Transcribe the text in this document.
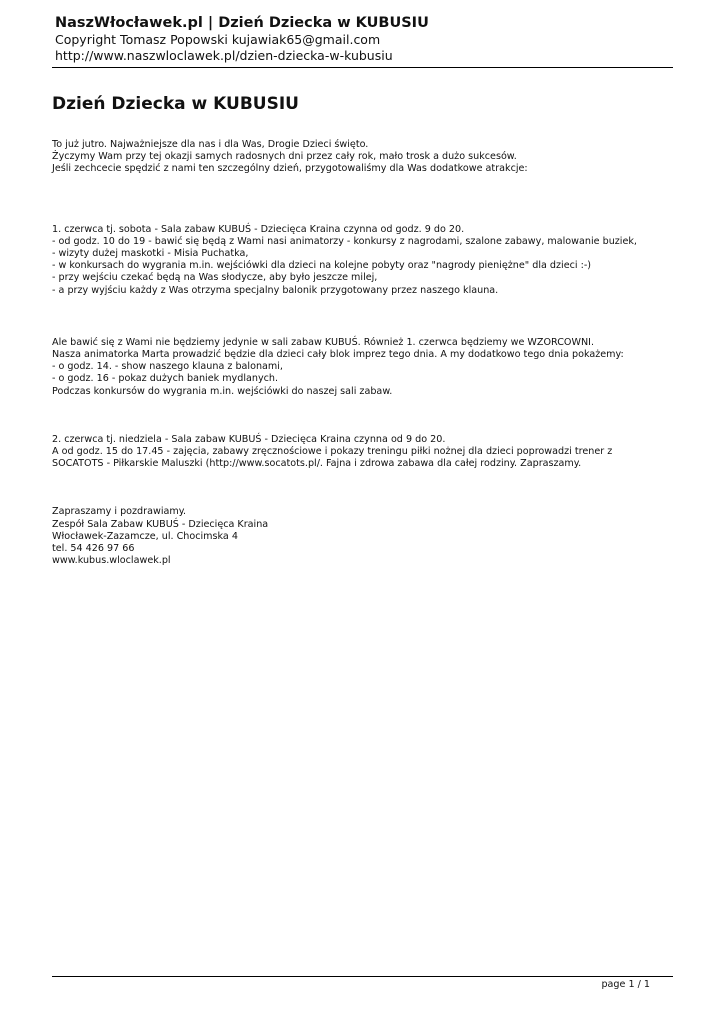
NaszWłocławek.pl | Dzień Dziecka w KUBUSIU
Copyright Tomasz Popowski kujawiak65@gmail.com
http://www.naszwloclawek.pl/dzien-dziecka-w-kubusiu
Dzień Dziecka w KUBUSIU

To już jutro. Najważniejsze dla nas i dla Was, Drogie Dzieci święto.
Życzymy Wam przy tej okazji samych radosnych dni przez cały rok, mało trosk a dużo sukcesów.
Jeśli zechcecie spędzić z nami ten szczególny dzień, przygotowaliśmy dla Was dodatkowe atrakcje:

1. czerwca tj. sobota - Sala zabaw KUBUŚ - Dziecięca Kraina czynna od godz. 9 do 20.
- od godz. 10 do 19 - bawić się będą z Wami nasi animatorzy - konkursy z nagrodami, szalone zabawy, malowanie buziek,
- wizyty dużej maskotki - Misia Puchatka,
- w konkursach do wygrania m.in. wejściówki dla dzieci na kolejne pobyty oraz "nagrody pieniężne" dla dzieci :-)
- przy wejściu czekać będą na Was słodycze, aby było jeszcze milej,
- a przy wyjściu każdy z Was otrzyma specjalny balonik przygotowany przez naszego klauna.

Ale bawić się z Wami nie będziemy jedynie w sali zabaw KUBUŚ. Również 1. czerwca będziemy we WZORCOWNI.
Nasza animatorka Marta prowadzić będzie dla dzieci cały blok imprez tego dnia. A my dodatkowo tego dnia pokażemy:
- o godz. 14. - show naszego klauna z balonami,
- o godz. 16 - pokaz dużych baniek mydlanych.
Podczas konkursów do wygrania m.in. wejściówki do naszej sali zabaw.

2. czerwca tj. niedziela - Sala zabaw KUBUŚ - Dziecięca Kraina czynna od 9 do 20.
A od godz. 15 do 17.45 - zajęcia, zabawy zręcznościowe i pokazy treningu piłki nożnej dla dzieci poprowadzi trener z
SOCATOTS - Piłkarskie Maluszki (http://www.socatots.pl/. Fajna i zdrowa zabawa dla całej rodziny. Zapraszamy.

Zapraszamy i pozdrawiamy.
Zespół Sala Zabaw KUBUŚ - Dziecięca Kraina
Włocławek-Zazamcze, ul. Chocimska 4
tel. 54 426 97 66
www.kubus.wloclawek.pl

page 1 / 1
